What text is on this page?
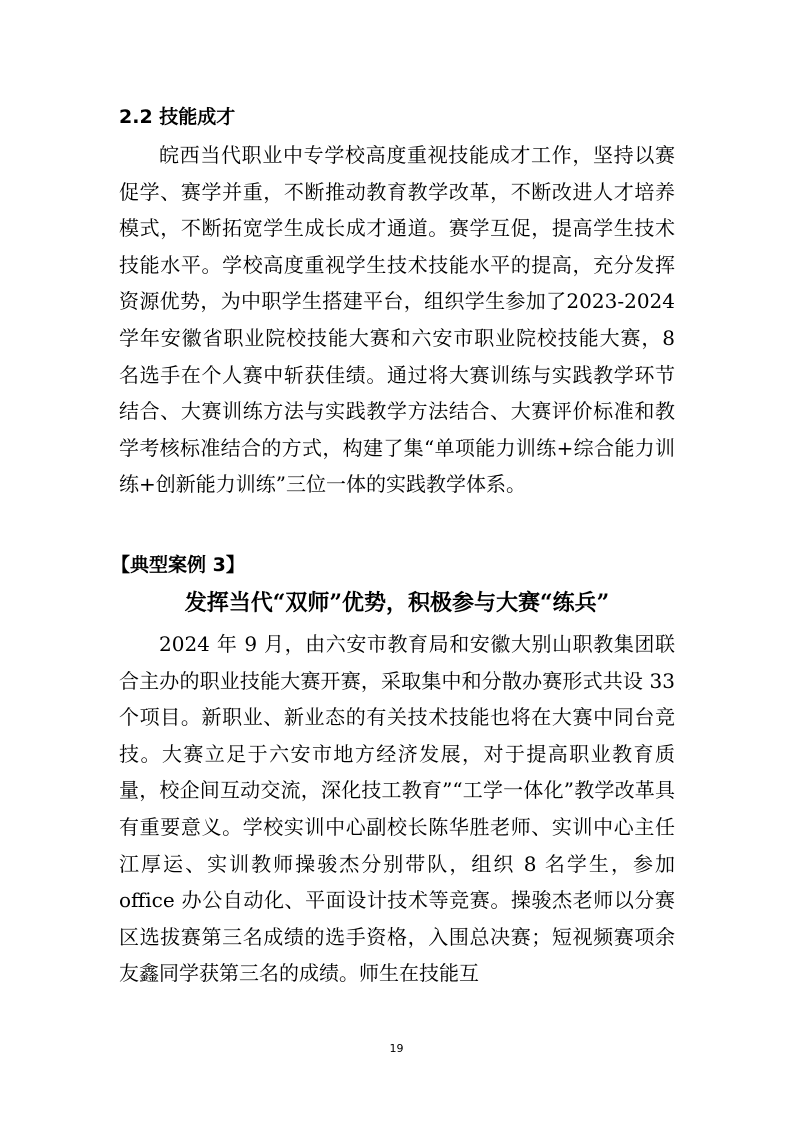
2.2 技能成才

皖西当代职业中专学校高度重视技能成才工作，坚持以赛促学、赛学并重，不断推动教育教学改革，不断改进人才培养模式，不断拓宽学生成长成才通道。赛学互促，提高学生技术技能水平。学校高度重视学生技术技能水平的提高，充分发挥资源优势，为中职学生搭建平台，组织学生参加了2023-2024 学年安徽省职业院校技能大赛和六安市职业院校技能大赛，8 名选手在个人赛中斩获佳绩。通过将大赛训练与实践教学环节结合、大赛训练方法与实践教学方法结合、大赛评价标准和教学考核标准结合的方式，构建了集“单项能力训练+综合能力训练+创新能力训练”三位一体的实践教学体系。

【典型案例 3】
发挥当代“双师”优势，积极参与大赛“练兵”

2024 年 9 月，由六安市教育局和安徽大别山职教集团联合主办的职业技能大赛开赛，采取集中和分散办赛形式共设 33 个项目。新职业、新业态的有关技术技能也将在大赛中同台竞技。大赛立足于六安市地方经济发展，对于提高职业教育质量，校企间互动交流，深化技工教育”“工学一体化”教学改革具有重要意义。学校实训中心副校长陈华胜老师、实训中心主任江厚运、实训教师操骏杰分别带队，组织 8 名学生，参加 office 办公自动化、平面设计技术等竞赛。操骏杰老师以分赛区选拔赛第三名成绩的选手资格，入围总决赛；短视频赛项余友鑫同学获第三名的成绩。师生在技能互

19
